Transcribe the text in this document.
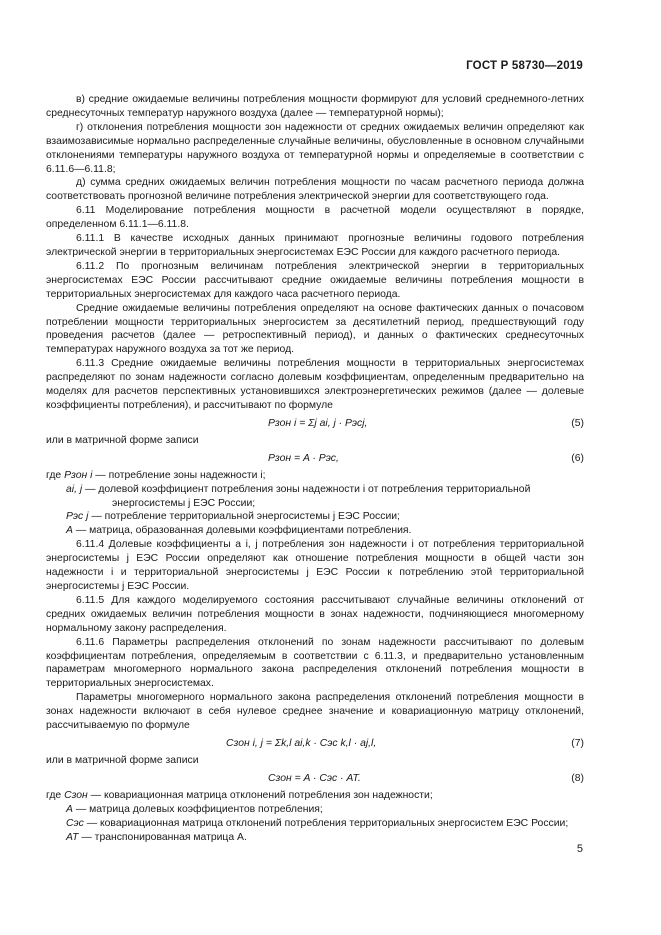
ГОСТ Р 58730—2019

в) средние ожидаемые величины потребления мощности формируют для условий среднемного-летних среднесуточных температур наружного воздуха (далее — температурной нормы);

г) отклонения потребления мощности зон надежности от средних ожидаемых величин определяют как взаимозависимые нормально распределенные случайные величины, обусловленные в основном случайными отклонениями температуры наружного воздуха от температурной нормы и определяемые в соответствии с 6.11.6—6.11.8;

д) сумма средних ожидаемых величин потребления мощности по часам расчетного периода должна соответствовать прогнозной величине потребления электрической энергии для соответствующего года.

6.11 Моделирование потребления мощности в расчетной модели осуществляют в порядке, определенном 6.11.1—6.11.8.

6.11.1 В качестве исходных данных принимают прогнозные величины годового потребления электрической энергии в территориальных энергосистемах ЕЭС России для каждого расчетного периода.

6.11.2 По прогнозным величинам потребления электрической энергии в территориальных энергосистемах ЕЭС России рассчитывают средние ожидаемые величины потребления мощности в территориальных энергосистемах для каждого часа расчетного периода.

Средние ожидаемые величины потребления определяют на основе фактических данных о почасовом потреблении мощности территориальных энергосистем за десятилетний период, предшествующий году проведения расчетов (далее — ретроспективный период), и данных о фактических среднесуточных температурах наружного воздуха за тот же период.

6.11.3 Средние ожидаемые величины потребления мощности в территориальных энергосистемах распределяют по зонам надежности согласно долевым коэффициентам, определенным предварительно на моделях для расчетов перспективных установившихся электроэнергетических режимов (далее — долевые коэффициенты потребления), и рассчитывают по формуле

Pзон i = Σj ai, j · Pэсj,	(5)

или в матричной форме записи

Pзон = A · Pэс,	(6)

где Pзон i — потребление зоны надежности i;

ai, j — долевой коэффициент потребления зоны надежности i от потребления территориальной

энергосистемы j ЕЭС России;

Pэс j — потребление территориальной энергосистемы j ЕЭС России;

A — матрица, образованная долевыми коэффициентами потребления.

6.11.4 Долевые коэффициенты a i, j потребления зон надежности i от потребления территориальной энергосистемы j ЕЭС России определяют как отношение потребления мощности в общей части зон надежности i и территориальной энергосистемы j ЕЭС России к потреблению этой территориальной энергосистемы j ЕЭС России.

6.11.5 Для каждого моделируемого состояния рассчитывают случайные величины отклонений от средних ожидаемых величин потребления мощности в зонах надежности, подчиняющиеся многомерному нормальному закону распределения.

6.11.6 Параметры распределения отклонений по зонам надежности рассчитывают по долевым коэффициентам потребления, определяемым в соответствии с 6.11.3, и предварительно установленным параметрам многомерного нормального закона распределения отклонений потребления мощности в территориальных энергосистемах.

Параметры многомерного нормального закона распределения отклонений потребления мощности в зонах надежности включают в себя нулевое среднее значение и ковариационную матрицу отклонений, рассчитываемую по формуле

Cзон i, j = Σk,l ai,k · Cэс k,l · aj,l,	(7)

или в матричной форме записи

Cзон = A · Cэс · AT.	(8)

где Cзон — ковариационная матрица отклонений потребления зон надежности;

A — матрица долевых коэффициентов потребления;

Cэс — ковариационная матрица отклонений потребления территориальных энергосистем ЕЭС России;

AT — транспонированная матрица A.

5
